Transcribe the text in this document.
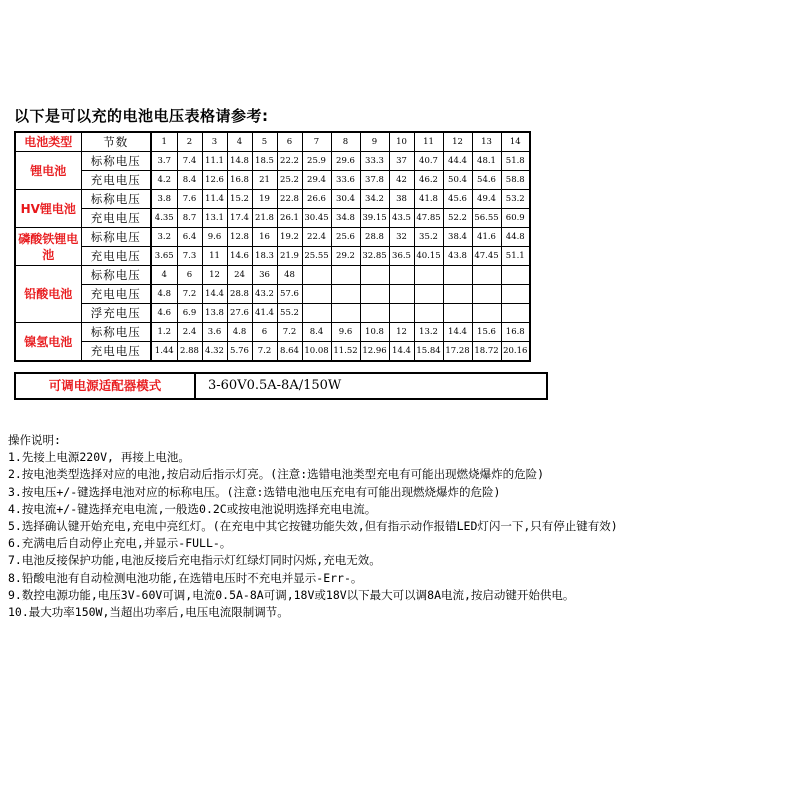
以下是可以充的电池电压表格请参考:
电池类型	节数	1	2	3	4	5	6	7	8	9	10	11	12	13	14
锂电池	标称电压	3.7	7.4	11.1	14.8	18.5	22.2	25.9	29.6	33.3	37	40.7	44.4	48.1	51.8
	充电电压	4.2	8.4	12.6	16.8	21	25.2	29.4	33.6	37.8	42	46.2	50.4	54.6	58.8
HV锂电池	标称电压	3.8	7.6	11.4	15.2	19	22.8	26.6	30.4	34.2	38	41.8	45.6	49.4	53.2
	充电电压	4.35	8.7	13.1	17.4	21.8	26.1	30.45	34.8	39.15	43.5	47.85	52.2	56.55	60.9
磷酸铁锂电池	标称电压	3.2	6.4	9.6	12.8	16	19.2	22.4	25.6	28.8	32	35.2	38.4	41.6	44.8
	充电电压	3.65	7.3	11	14.6	18.3	21.9	25.55	29.2	32.85	36.5	40.15	43.8	47.45	51.1
铅酸电池	标称电压	4	6	12	24	36	48								
	充电电压	4.8	7.2	14.4	28.8	43.2	57.6								
	浮充电压	4.6	6.9	13.8	27.6	41.4	55.2								
镍氢电池	标称电压	1.2	2.4	3.6	4.8	6	7.2	8.4	9.6	10.8	12	13.2	14.4	15.6	16.8
	充电电压	1.44	2.88	4.32	5.76	7.2	8.64	10.08	11.52	12.96	14.4	15.84	17.28	18.72	20.16
可调电源适配器模式	3-60V0.5A-8A/150W
操作说明:
1.先接上电源220V, 再接上电池。
2.按电池类型选择对应的电池,按启动后指示灯亮。(注意:选错电池类型充电有可能出现燃烧爆炸的危险)
3.按电压+/-键选择电池对应的标称电压。(注意:选错电池电压充电有可能出现燃烧爆炸的危险)
4.按电流+/-键选择充电电流,一般选0.2C或按电池说明选择充电电流。
5.选择确认键开始充电,充电中亮红灯。(在充电中其它按键功能失效,但有指示动作报错LED灯闪一下,只有停止键有效)
6.充满电后自动停止充电,并显示-FULL-。
7.电池反接保护功能,电池反接后充电指示灯红绿灯同时闪烁,充电无效。
8.铅酸电池有自动检测电池功能,在选错电压时不充电并显示-Err-。
9.数控电源功能,电压3V-60V可调,电流0.5A-8A可调,18V或18V以下最大可以调8A电流,按启动键开始供电。
10.最大功率150W,当超出功率后,电压电流限制调节。
